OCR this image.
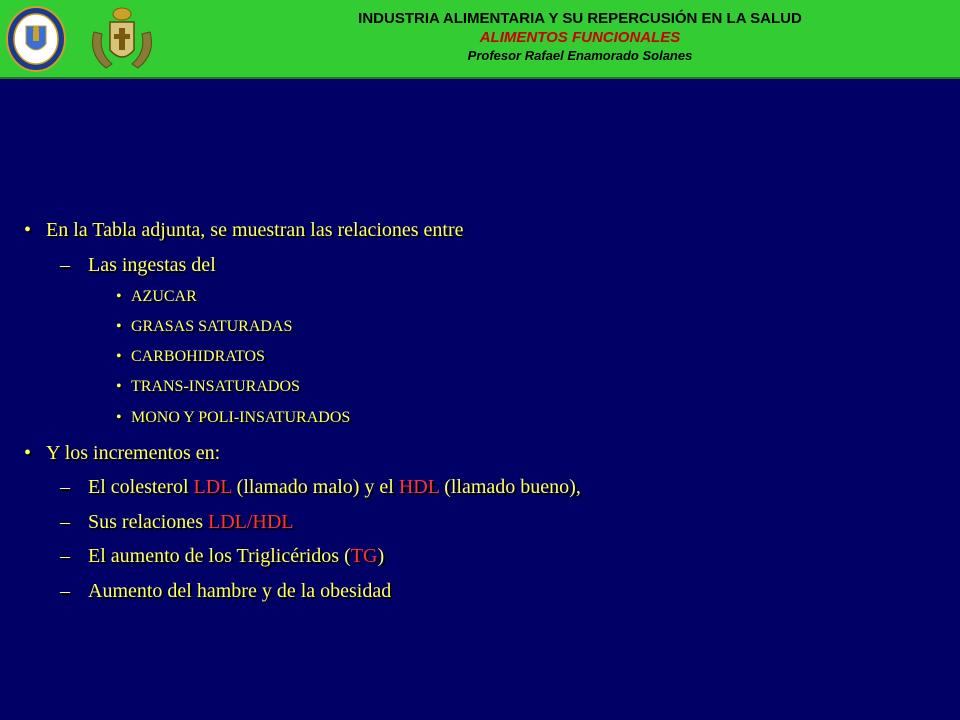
INDUSTRIA ALIMENTARIA Y SU REPERCUSIÓN EN LA SALUD
ALIMENTOS FUNCIONALES
Profesor Rafael Enamorado Solanes
• En la Tabla adjunta, se muestran las relaciones entre
– Las ingestas del
• AZUCAR
• GRASAS SATURADAS
• CARBOHIDRATOS
• TRANS-INSATURADOS
• MONO Y POLI-INSATURADOS
• Y los incrementos en:
– El colesterol LDL (llamado malo) y el HDL (llamado bueno),
– Sus relaciones LDL/HDL
– El aumento de los Triglicéridos (TG)
– Aumento del hambre y de la obesidad
